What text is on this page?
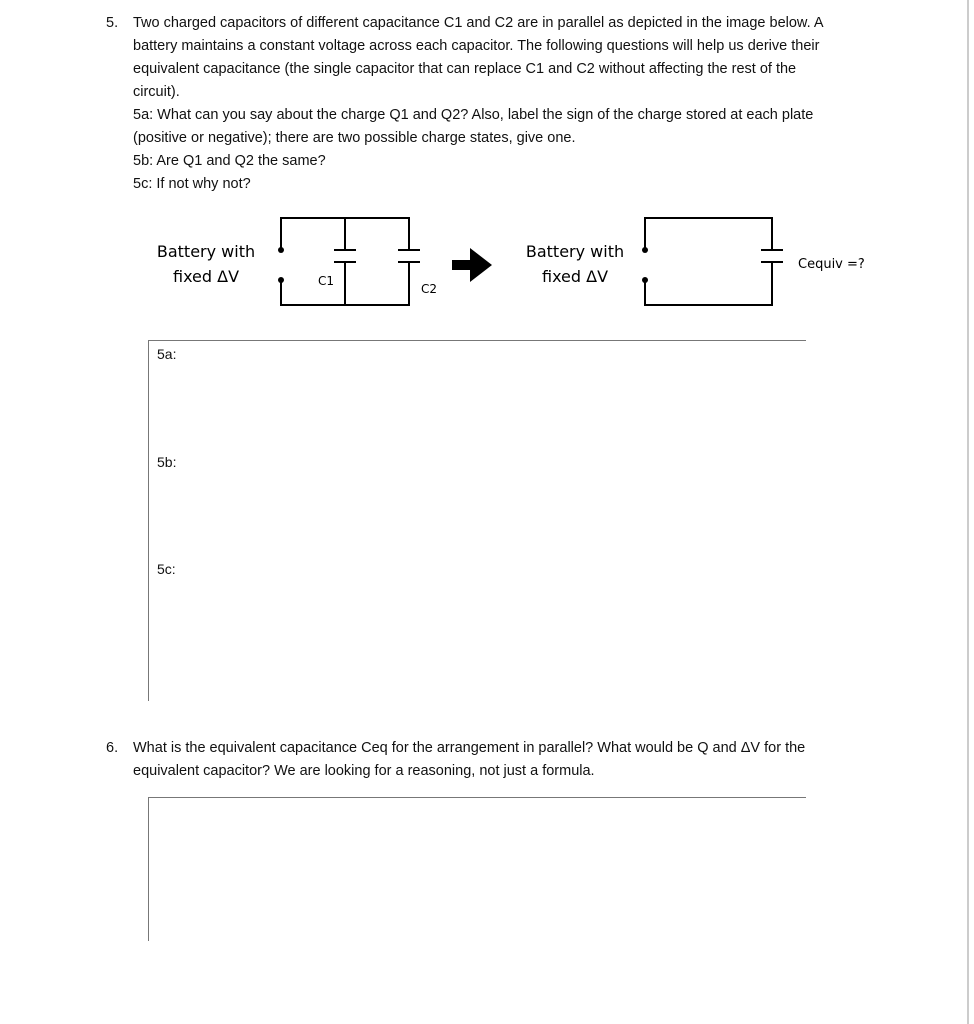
5. Two charged capacitors of different capacitance C1 and C2 are in parallel as depicted in the image below. A battery maintains a constant voltage across each capacitor. The following questions will help us derive their equivalent capacitance (the single capacitor that can replace C1 and C2 without affecting the rest of the circuit).
5a: What can you say about the charge Q1 and Q2? Also, label the sign of the charge stored at each plate (positive or negative); there are two possible charge states, give one.
5b: Are Q1 and Q2 the same?
5c: If not why not?
Battery with
fixed ΔV
Battery with
fixed ΔV
C1
C2
Cequiv =?
5a:
5b:
5c:
6. What is the equivalent capacitance Ceq for the arrangement in parallel? What would be Q and ΔV for the equivalent capacitor? We are looking for a reasoning, not just a formula.
